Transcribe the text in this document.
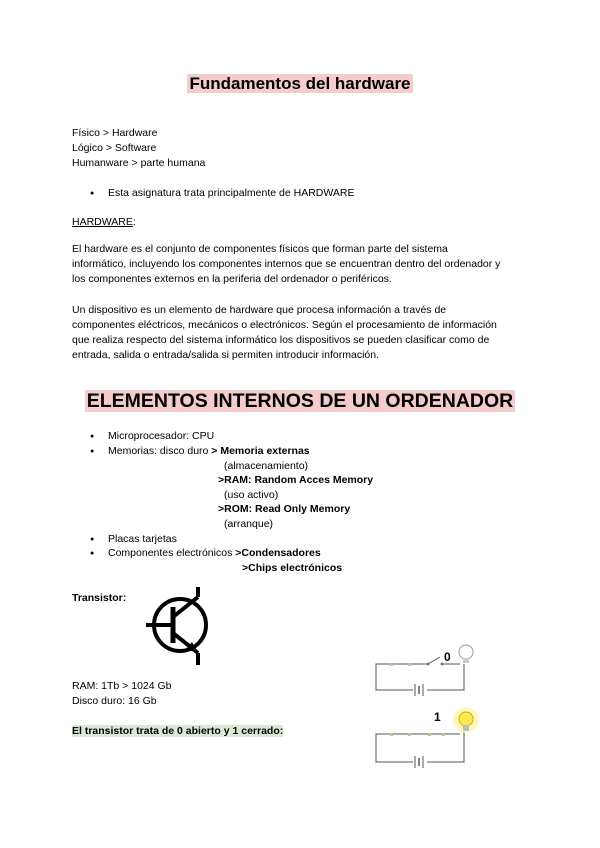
Fundamentos del hardware
Físico > Hardware
Lógico > Software
Humanware > parte humana
● Esta asignatura trata principalmente de HARDWARE
HARDWARE:
El hardware es el conjunto de componentes físicos que forman parte del sistema
informático, incluyendo los componentes internos que se encuentran dentro del ordenador y
los componentes externos en la periferia del ordenador o periféricos.
Un dispositivo es un elemento de hardware que procesa información a través de
componentes eléctricos, mecánicos o electrónicos. Según el procesamiento de información
que realiza respecto del sistema informático los dispositivos se pueden clasificar como de
entrada, salida o entrada/salida si permiten introducir información.
ELEMENTOS INTERNOS DE UN ORDENADOR
● Microprocesador: CPU
● Memorias: disco duro > Memoria externas
(almacenamiento)
>RAM: Random Acces Memory
(uso activo)
>ROM: Read Only Memory
(arranque)
● Placas tarjetas
● Componentes electrónicos >Condensadores
>Chips electrónicos
Transistor:
RAM: 1Tb > 1024 Gb
Disco duro: 16 Gb
El transistor trata de 0 abierto y 1 cerrado:
0
1
